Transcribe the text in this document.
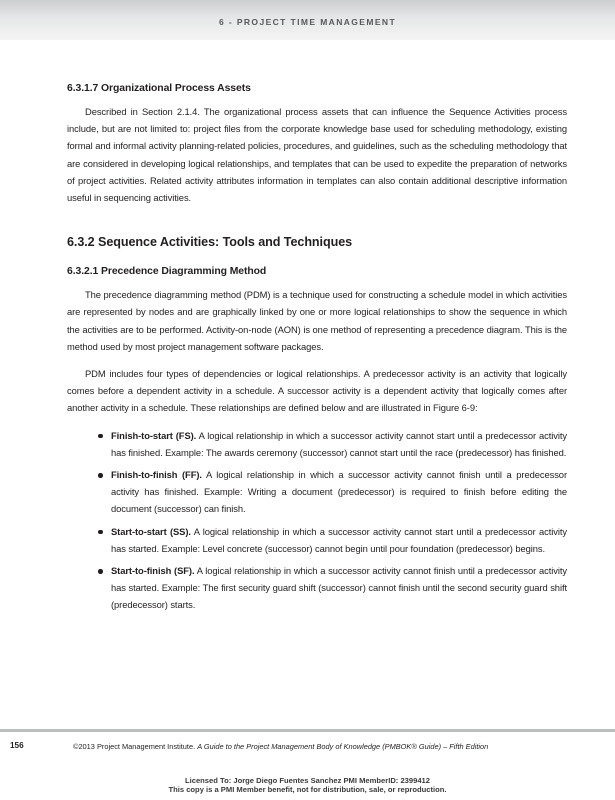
6 - PROJECT TIME MANAGEMENT
6.3.1.7 Organizational Process Assets

Described in Section 2.1.4. The organizational process assets that can influence the Sequence Activities process include, but are not limited to: project files from the corporate knowledge base used for scheduling methodology, existing formal and informal activity planning-related policies, procedures, and guidelines, such as the scheduling methodology that are considered in developing logical relationships, and templates that can be used to expedite the preparation of networks of project activities. Related activity attributes information in templates can also contain additional descriptive information useful in sequencing activities.

6.3.2 Sequence Activities: Tools and Techniques
6.3.2.1 Precedence Diagramming Method

The precedence diagramming method (PDM) is a technique used for constructing a schedule model in which activities are represented by nodes and are graphically linked by one or more logical relationships to show the sequence in which the activities are to be performed. Activity-on-node (AON) is one method of representing a precedence diagram. This is the method used by most project management software packages.

PDM includes four types of dependencies or logical relationships. A predecessor activity is an activity that logically comes before a dependent activity in a schedule. A successor activity is a dependent activity that logically comes after another activity in a schedule. These relationships are defined below and are illustrated in Figure 6-9:

Finish-to-start (FS). A logical relationship in which a successor activity cannot start until a predecessor activity has finished. Example: The awards ceremony (successor) cannot start until the race (predecessor) has finished.
Finish-to-finish (FF). A logical relationship in which a successor activity cannot finish until a predecessor activity has finished. Example: Writing a document (predecessor) is required to finish before editing the document (successor) can finish.
Start-to-start (SS). A logical relationship in which a successor activity cannot start until a predecessor activity has started. Example: Level concrete (successor) cannot begin until pour foundation (predecessor) begins.
Start-to-finish (SF). A logical relationship in which a successor activity cannot finish until a predecessor activity has started. Example: The first security guard shift (successor) cannot finish until the second security guard shift (predecessor) starts.
156	©2013 Project Management Institute. A Guide to the Project Management Body of Knowledge (PMBOK® Guide) – Fifth Edition
Licensed To: Jorge Diego Fuentes Sanchez PMI MemberID: 2399412
This copy is a PMI Member benefit, not for distribution, sale, or reproduction.
